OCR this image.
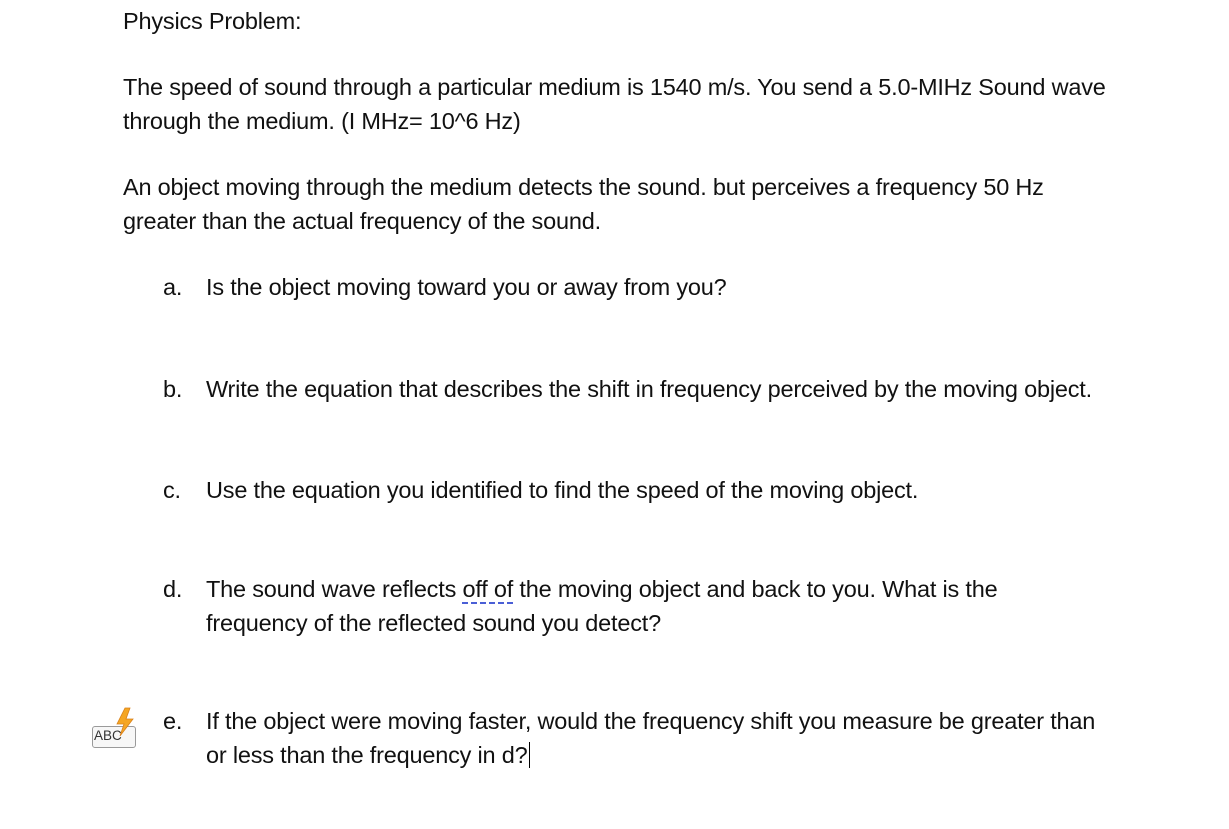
Physics Problem:
The speed of sound through a particular medium is 1540 m/s. You send a 5.0-MIHz Sound wave
through the medium. (I MHz= 10^6 Hz)
An object moving through the medium detects the sound. but perceives a frequency 50 Hz
greater than the actual frequency of the sound.
a.	Is the object moving toward you or away from you?
b.	Write the equation that describes the shift in frequency perceived by the moving object.
c.	Use the equation you identified to find the speed of the moving object.
d.	The sound wave reflects off of the moving object and back to you. What is the
frequency of the reflected sound you detect?
e.	If the object were moving faster, would the frequency shift you measure be greater than
or less than the frequency in d?
ABC
